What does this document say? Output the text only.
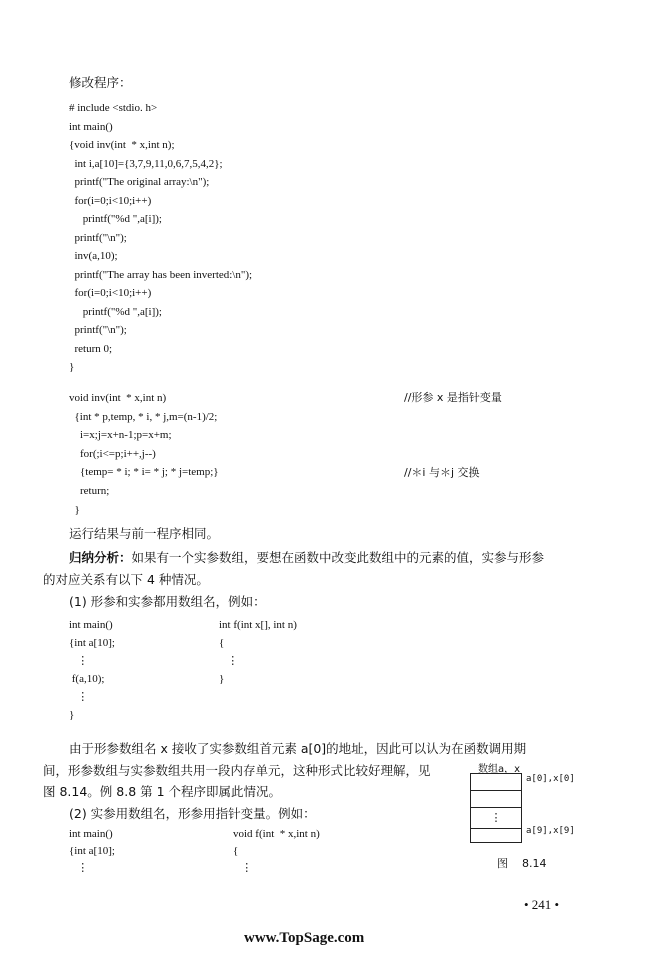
修改程序：
# include <stdio. h>
int main()
{void inv(int  * x,int n);
int i,a[10]={3,7,9,11,0,6,7,5,4,2};
printf("The original array:\n");
for(i=0;i<10;i++)
printf("%d ",a[i]);
printf("\n");
inv(a,10);
printf("The array has been inverted:\n");
for(i=0;i<10;i++)
printf("%d ",a[i]);
printf("\n");
return 0;
}
void inv(int  * x,int n)
{int * p,temp, * i, * j,m=(n-1)/2;
i=x;j=x+n-1;p=x+m;
for(;i<=p;i++,j--)
{temp= * i; * i= * j; * j=temp;}
return;
}
//形参 x 是指针变量
//＊i 与＊j 交换
运行结果与前一程序相同。
归纳分析：如果有一个实参数组，要想在函数中改变此数组中的元素的值，实参与形参
的对应关系有以下 4 种情况。
(1) 形参和实参都用数组名，例如：
int main()
{int a[10];
⋮
f(a,10);
⋮
}
int f(int x[], int n)
{
⋮
}
由于形参数组名 x 接收了实参数组首元素 a[0]的地址，因此可以认为在函数调用期
间，形参数组与实参数组共用一段内存单元，这种形式比较好理解，见
图 8.14。例 8.8 第 1 个程序即属此情况。
(2) 实参用数组名，形参用指针变量。例如：
int main()
{int a[10];
⋮
void f(int  * x,int n)
{
⋮
数组a，x
⋮
a[0],x[0]
a[9],x[9]
图    8.14
• 241 •
www.TopSage.com
